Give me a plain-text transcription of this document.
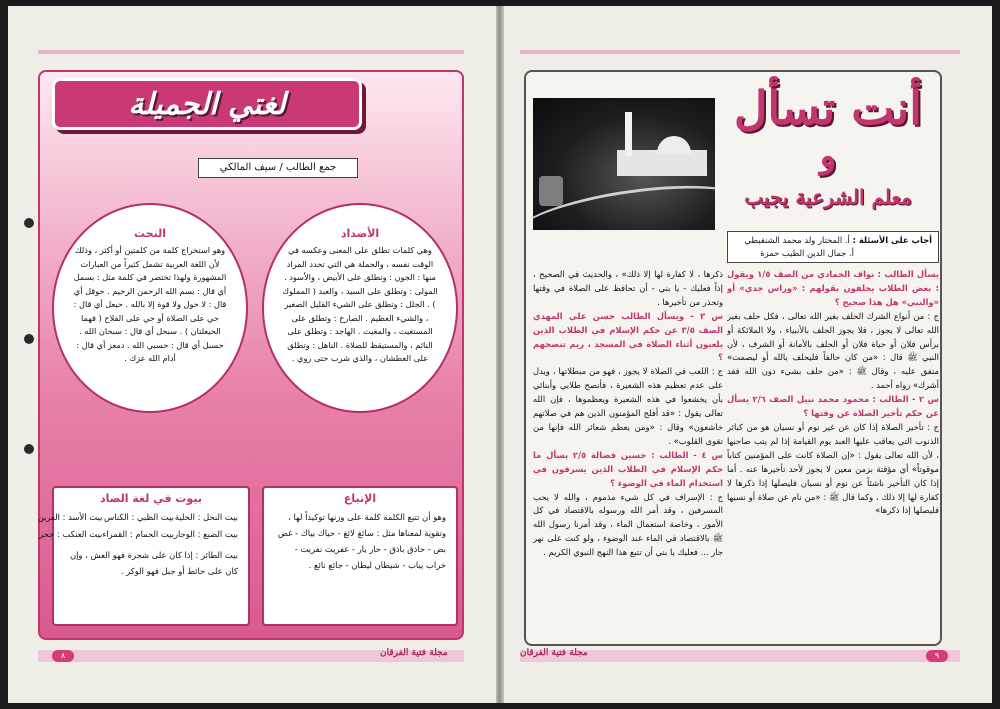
لغتي الجميلة
جمع الطالب / سيف المالكي
الأضداد
وهي كلمات تطلق على المعنى وعكسه في الوقت نفسه ، والجملة هي التي تحدد المراد منها : الجون : وتطلق على الأبيض ، والأسود . المولى : وتطلق على السيد ، والعبد ( المملوك ) . الجلل : وتطلق على الشيء القليل الصغير ، والشيء العظيم . الصارخ : وتطلق على المستغيث ، والمغيث . الهاجد : وتطلق على النائم ، والمستيقظ للصلاة . الناهل : وتطلق على العطشان ، والذي شرب حتى روي .
النحت
وهو استخراج كلمة من كلمتين أو أكثر ، وذلك لأن اللغة العربية تشمل كثيراً من العبارات المشهورة ولهذا تختصر في كلمة مثل : بسمل أي قال : بسم الله الرحمن الرحيم . حوقل أي قال : لا حول ولا قوة إلا بالله . حيعل أي قال : حي على الصلاة أو حي على الفلاح ( فهما الحيعلتان ) . سبحل أي قال : سبحان الله . حسبل أي قال : حسبي الله . دمعز أي قال : أدام الله عزك .
الإتباع
وهو أن تتبع الكلمة كلمة على وزنها توكيداً لها ، وتقوية لمعناها مثل : سائغ لائغ - حياك بياك - غض بض - حاذق باذق - حار يار - عفريت نفريت - خراب يباب - شيطان ليطان - جائع نائع .
بيوت في لغة الضاد
بيت النحل : الخلية
بيت الظبي : الكناس
بيت الأسد : العرين
بيت الضبع : الوجار
بيت الحمام : القمراء
بيت العنكب : جحر
بيت الطائر : إذا كان على شجرة فهو العش ، وإن كان على حائط أو جبل فهو الوكر .
٨	مجلة فتية الفرقان
أنت تسأل
و
معلم الشرعية يجيب
أجاب على الأسئلة : أ. المختار ولد محمد الشنقيطي
أ. جمال الدين الطيب حمزة

يسأل الطالب : نواف الحمادي من الصف ١/٥ ويقول : بعض الطلاب يحلفون بقولهم : «وراس جدي» أو «والنبي» هل هذا صحيح ؟

ج : من أنواع الشرك الحلف بغير الله تعالى ، فكل حلف بغير الله تعالى لا يجوز ، فلا يجوز الحلف بالأنبياء ، ولا الملائكة أو برأس فلان أو حياة فلان أو الحلف بالأمانة أو الشرف ، لأن النبي ﷺ قال : «من كان حالفاً فليحلف بالله أو ليصمت» متفق عليه ، وقال ﷺ : «من حلف بشيء دون الله فقد أشرك» رواه أحمد .

س ٢ - الطالب : محمود محمد نبيل الصف ٢/٦ يسأل عن حكم تأخير الصلاة عن وقتها ؟

ج : تأخير الصلاة إذا كان عن غير نوم أو نسيان هو من كبائر الذنوب التي يعاقب عليها العبد يوم القيامة إذا لم يتب صاحبها ، لأن الله تعالى يقول : «إن الصلاة كانت على المؤمنين كتاباً موقوتاً» أي مؤقتة بزمن معين لا يجوز لأحد تأخيرها عنه . أما إذا كان التأخير ناشئاً عن نوم أو نسيان فليصلها إذا ذكرها لا كفارة لها إلا ذلك ، وكما قال ﷺ : «من نام عن صلاة أو نسيها فليصلها إذا ذكرها»

ذكرها ، لا كفارة لها إلا ذلك» ، والحديث في الصحيح ، إذاً فعليك - يا بني - أن تحافظ على الصلاة في وقتها وتحذر من تأخيرها .

س ٣ - ويسأل الطالب حسن علي المهدي الصف ٣/٥ عن حكم الإسلام في الطلاب الذين يلعبون أثناء الصلاة في المسجد ، ريم تنصحهم ؟

ج : اللعب في الصلاة لا يجوز ، فهو من مبطلاتها ، ويدل على عدم تعظيم هذه الشعيرة ، فأنصح طلابي وأبنائي بأن يخشعوا في هذه الشعيرة ويعظموها ، فإن الله تعالى يقول : «قد أفلح المؤمنون الذين هم في صلاتهم خاشعون» وقال : «ومن يعظم شعائر الله فإنها من تقوى القلوب» .

س ٤ - الطالب : حسين فضالة ٢/٥ يسأل ما حكم الإسلام في الطلاب الذين يسرفون في استخدام الماء في الوضوء ؟

ج : الإسراف في كل شيء مذموم ، والله لا يحب المسرفين ، وقد أمر الله ورسوله بالاقتصاد في كل الأمور ، وخاصة استعمال الماء ، وقد أمرنا رسول الله ﷺ بالاقتصاد في الماء عند الوضوء ، ولو كنت على نهر جار ... فعليك يا بني أن تتبع هذا النهج النبوي الكريم .

٩
مجلة فتية الفرقان
